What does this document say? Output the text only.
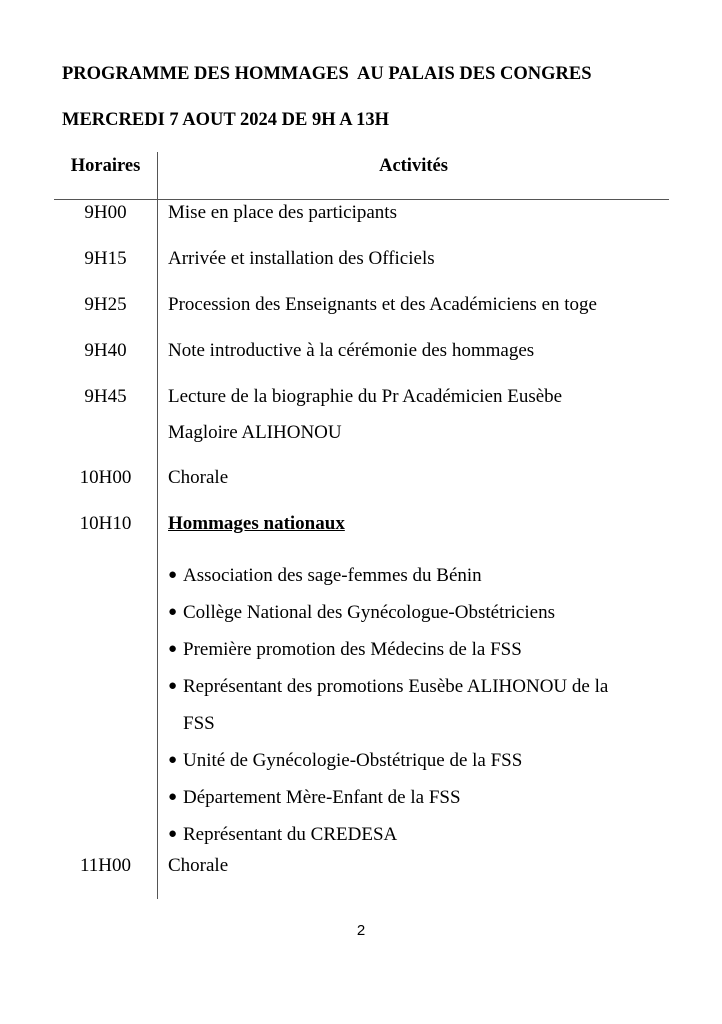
PROGRAMME DES HOMMAGES  AU PALAIS DES CONGRES
MERCREDI 7 AOUT 2024 DE 9H A 13H
Horaires	Activités
9H00	Mise en place des participants
9H15	Arrivée et installation des Officiels
9H25	Procession des Enseignants et des Académiciens en toge
9H40	Note introductive à la cérémonie des hommages
9H45	Lecture de la biographie du Pr Académicien Eusèbe
Magloire ALIHONOU
10H00	Chorale
10H10	Hommages nationaux
● Association des sage-femmes du Bénin
● Collège National des Gynécologue-Obstétriciens
● Première promotion des Médecins de la FSS
● Représentant des promotions Eusèbe ALIHONOU de la
FSS
● Unité de Gynécologie-Obstétrique de la FSS
● Département Mère-Enfant de la FSS
● Représentant du CREDESA
11H00	Chorale
2
